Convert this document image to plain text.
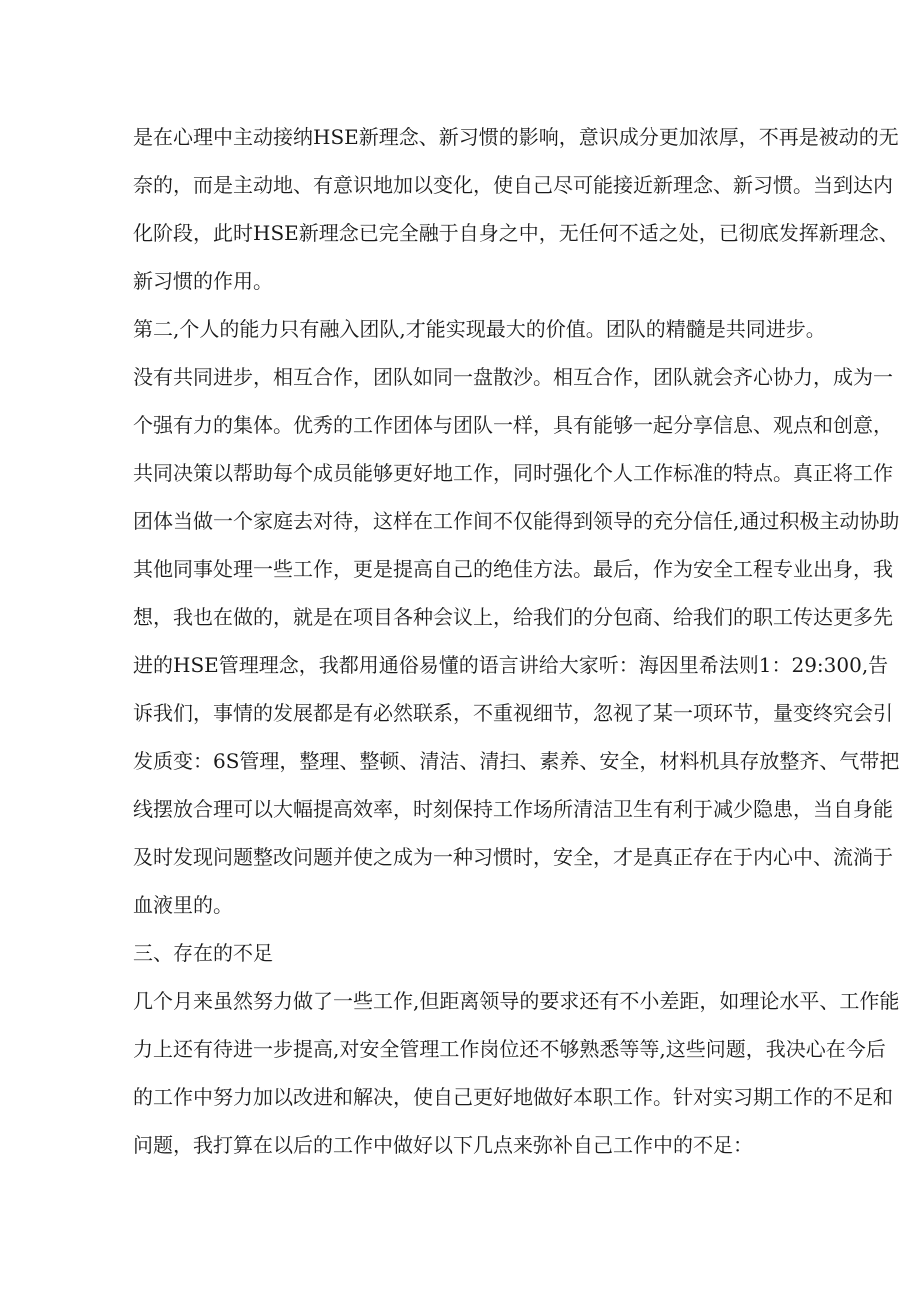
是在心理中主动接纳HSE新理念、新习惯的影响，意识成分更加浓厚，不再是被动的无
奈的，而是主动地、有意识地加以变化，使自己尽可能接近新理念、新习惯。当到达内
化阶段，此时HSE新理念已完全融于自身之中，无任何不适之处，已彻底发挥新理念、
新习惯的作用。
第二,个人的能力只有融入团队,才能实现最大的价值。团队的精髓是共同进步。
没有共同进步，相互合作，团队如同一盘散沙。相互合作，团队就会齐心协力，成为一
个强有力的集体。优秀的工作团体与团队一样，具有能够一起分享信息、观点和创意，
共同决策以帮助每个成员能够更好地工作，同时强化个人工作标准的特点。真正将工作
团体当做一个家庭去对待，这样在工作间不仅能得到领导的充分信任,通过积极主动协助
其他同事处理一些工作，更是提高自己的绝佳方法。最后，作为安全工程专业出身，我
想，我也在做的，就是在项目各种会议上，给我们的分包商、给我们的职工传达更多先
进的HSE管理理念，我都用通俗易懂的语言讲给大家听：海因里希法则1：29:300,告
诉我们，事情的发展都是有必然联系，不重视细节，忽视了某一项环节，量变终究会引
发质变：6S管理，整理、整顿、清洁、清扫、素养、安全，材料机具存放整齐、气带把
线摆放合理可以大幅提高效率，时刻保持工作场所清洁卫生有利于减少隐患，当自身能
及时发现问题整改问题并使之成为一种习惯时，安全，才是真正存在于内心中、流淌于
血液里的。
三、存在的不足
几个月来虽然努力做了一些工作,但距离领导的要求还有不小差距，如理论水平、工作能
力上还有待进一步提高,对安全管理工作岗位还不够熟悉等等,这些问题，我决心在今后
的工作中努力加以改进和解决，使自己更好地做好本职工作。针对实习期工作的不足和
问题，我打算在以后的工作中做好以下几点来弥补自己工作中的不足：
